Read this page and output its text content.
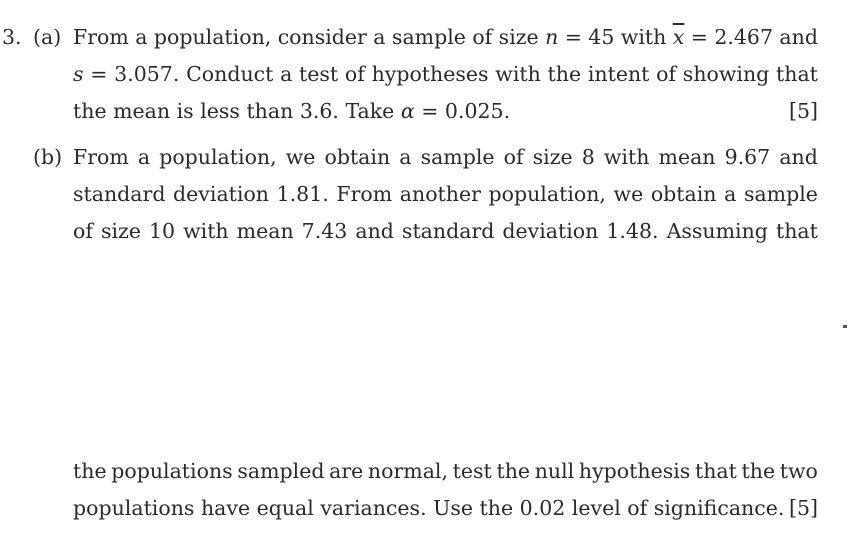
3. (a) From a population, consider a sample of size n = 45 with $\overline{x} = 2.467$ and
s = 3.057. Conduct a test of hypotheses with the intent of showing that
the mean is less than 3.6. Take α = 0.025.	[5]
(b) From a population, we obtain a sample of size 8 with mean 9.67 and
standard deviation 1.81. From another population, we obtain a sample
of size 10 with mean 7.43 and standard deviation 1.48. Assuming that
the populations sampled are normal, test the null hypothesis that the two
populations have equal variances. Use the 0.02 level of significance. [5]
